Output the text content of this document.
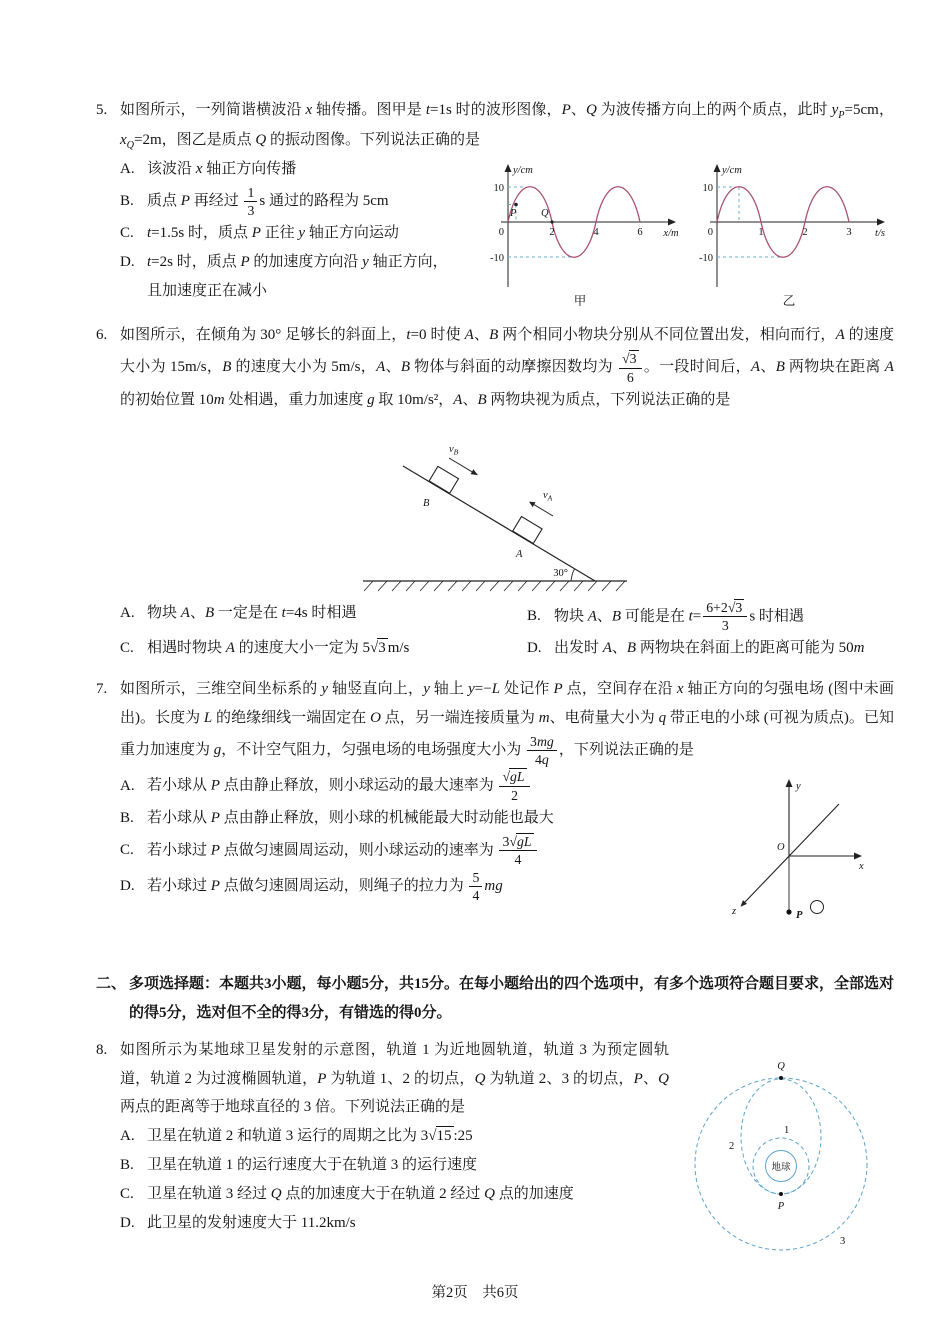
5. 如图所示，一列简谐横波沿 x 轴传播。图甲是 t=1s 时的波形图像，P、Q 为波传播方向上的两个质点，此时 $y_P=5cm$，$x_Q=2m$，图乙是质点 Q 的振动图像。下列说法正确的是

A. 该波沿 x 轴正方向传播
B. 质点 P 再经过 $\frac{1}{3}$ s 通过的路程为 5cm
C. t=1.5s 时，质点 P 正往 y 轴正方向运动
D. t=2s 时，质点 P 的加速度方向沿 y 轴正方向，
且加速度正在减小
y/cm
10
-10
0	2	4	6 x/m
P Q
甲
y/cm
10
-10
0	1	2	3 t/s
乙

6. 如图所示，在倾角为 30° 足够长的斜面上，t=0 时使 A、B 两个相同小物块分别从不同位置出发，相向而行，A 的速度大小为 15m/s，B 的速度大小为 5m/s，A、B 物体与斜面的动摩擦因数均为 $\frac{√3}{6}$ 。一段时间后，A、B 两物块在距离 A 的初始位置 10m 处相遇，重力加速度 g 取 10m/s²，A、B 两物块视为质点，下列说法正确的是

30°
B
A
$v_B$
$v_A$
A. 物块 A、B 一定是在 t=4s 时相遇	B. 物块 A、B 可能是在 $t= \frac{6+2√3}{3}$ s 时相遇
C. 相遇时物块 A 的速度大小一定为 5√3 m/s	D. 出发时 A、B 两物块在斜面上的距离可能为 50m

7. 如图所示，三维空间坐标系的 y 轴竖直向上，y 轴上 y=−L 处记作 P 点，空间存在沿 x 轴正方向的匀强电场 (图中未画出)。长度为 L 的绝缘细线一端固定在 O 点，另一端连接质量为 m、电荷量大小为 q 带正电的小球 (可视为质点)。已知重力加速度为 g，不计空气阻力，匀强电场的电场强度大小为 $\frac{3mg}{4q}$ ，下列说法正确的是

A. 若小球从 P 点由静止释放，则小球运动的最大速率为 $\frac{√gL}{2}$
B. 若小球从 P 点由静止释放，则小球的机械能最大时动能也最大
C. 若小球过 P 点做匀速圆周运动，则小球运动的速率为 $\frac{3√gL}{4}$
D. 若小球过 P 点做匀速圆周运动，则绳子的拉力为 $\frac{5}{4}$ mg
y
x
z
O
P

二、 多项选择题：本题共3小题，每小题5分，共15分。在每小题给出的四个选项中，有多个选项符合题目要求，全部选对的得5分，选对但不全的得3分，有错选的得0分。

8. 如图所示为某地球卫星发射的示意图，轨道 1 为近地圆轨道，轨道 3 为预定圆轨道，轨道 2 为过渡椭圆轨道，P 为轨道 1、2 的切点，Q 为轨道 2、3 的切点，P、Q 两点的距离等于地球直径的 3 倍。下列说法正确的是

A. 卫星在轨道 2 和轨道 3 运行的周期之比为 3√15 :25
B. 卫星在轨道 1 的运行速度大于在轨道 3 的运行速度
C. 卫星在轨道 3 经过 Q 点的加速度大于在轨道 2 经过 Q 点的加速度
D. 此卫星的发射速度大于 11.2km/s
地球
Q
P
1
2
3
第2页　共6页
